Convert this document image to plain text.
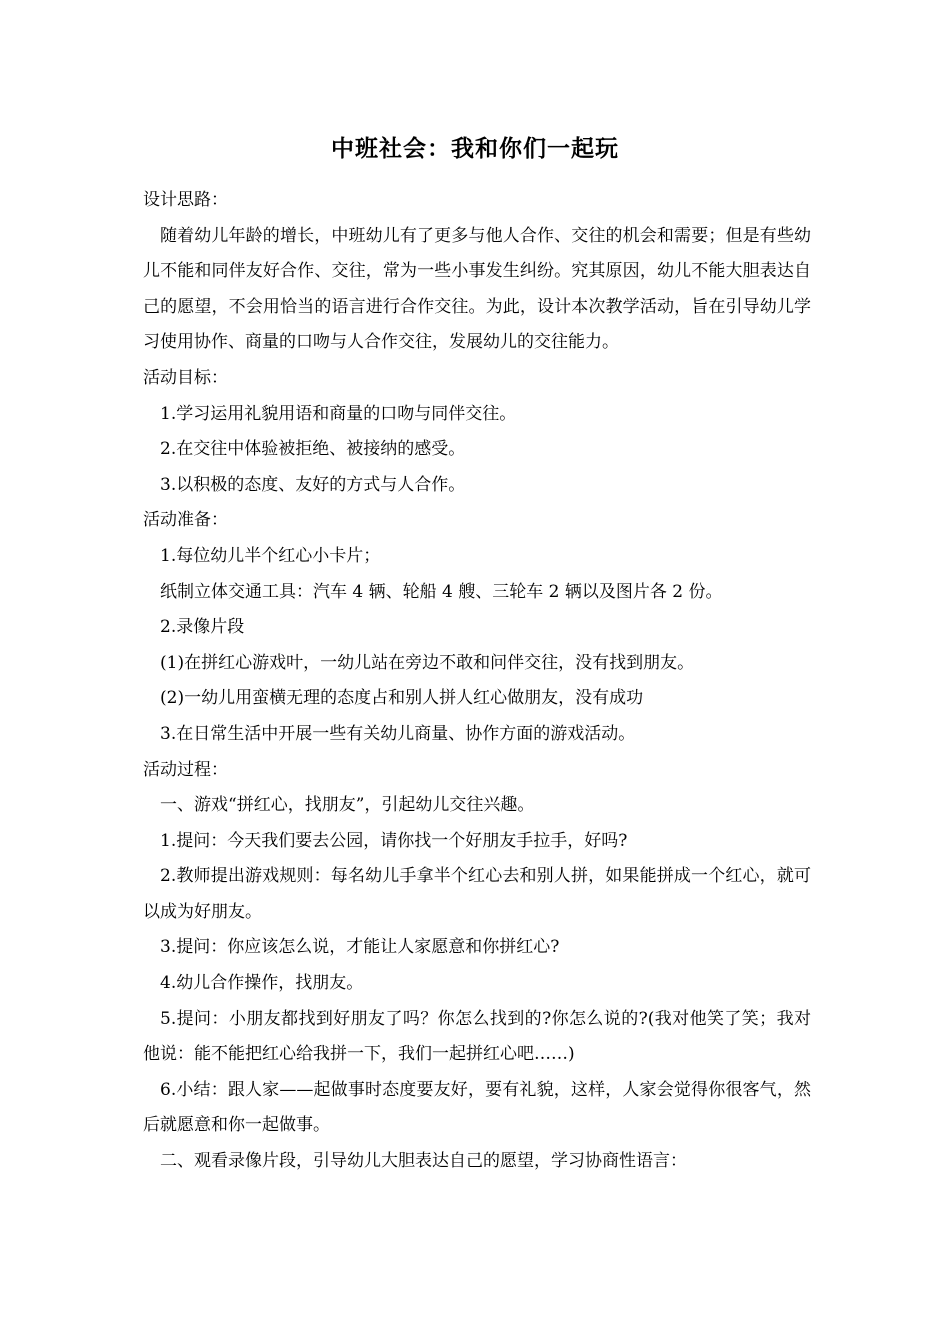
中班社会：我和你们一起玩
设计思路：
随着幼儿年龄的增长，中班幼儿有了更多与他人合作、交往的机会和需要；但是有些幼儿不能和同伴友好合作、交往，常为一些小事发生纠纷。究其原因，幼儿不能大胆表达自己的愿望，不会用恰当的语言进行合作交往。为此，设计本次教学活动，旨在引导幼儿学习使用协作、商量的口吻与人合作交往，发展幼儿的交往能力。
活动目标：
1.学习运用礼貌用语和商量的口吻与同伴交往。
2.在交往中体验被拒绝、被接纳的感受。
3.以积极的态度、友好的方式与人合作。
活动准备：
1.每位幼儿半个红心小卡片；
纸制立体交通工具：汽车 4 辆、轮船 4 艘、三轮车 2 辆以及图片各 2 份。
2.录像片段
(1)在拼红心游戏叶，一幼儿站在旁边不敢和问伴交往，没有找到朋友。
(2)一幼儿用蛮横无理的态度占和别人拼人红心做朋友，没有成功
3.在日常生活中开展一些有关幼儿商量、协作方面的游戏活动。
活动过程：
一、游戏“拼红心，找朋友”，引起幼儿交往兴趣。
1.提问：今天我们要去公园，请你找一个好朋友手拉手，好吗?
2.教师提出游戏规则：每名幼儿手拿半个红心去和别人拼，如果能拼成一个红心，就可以成为好朋友。
3.提问：你应该怎么说，才能让人家愿意和你拼红心?
4.幼儿合作操作，找朋友。
5.提问：小朋友都找到好朋友了吗？你怎么找到的?你怎么说的?(我对他笑了笑；我对他说：能不能把红心给我拼一下，我们一起拼红心吧……)
6.小结：跟人家——起做事时态度要友好，要有礼貌，这样，人家会觉得你很客气，然后就愿意和你一起做事。
二、观看录像片段，引导幼儿大胆表达自己的愿望，学习协商性语言：
